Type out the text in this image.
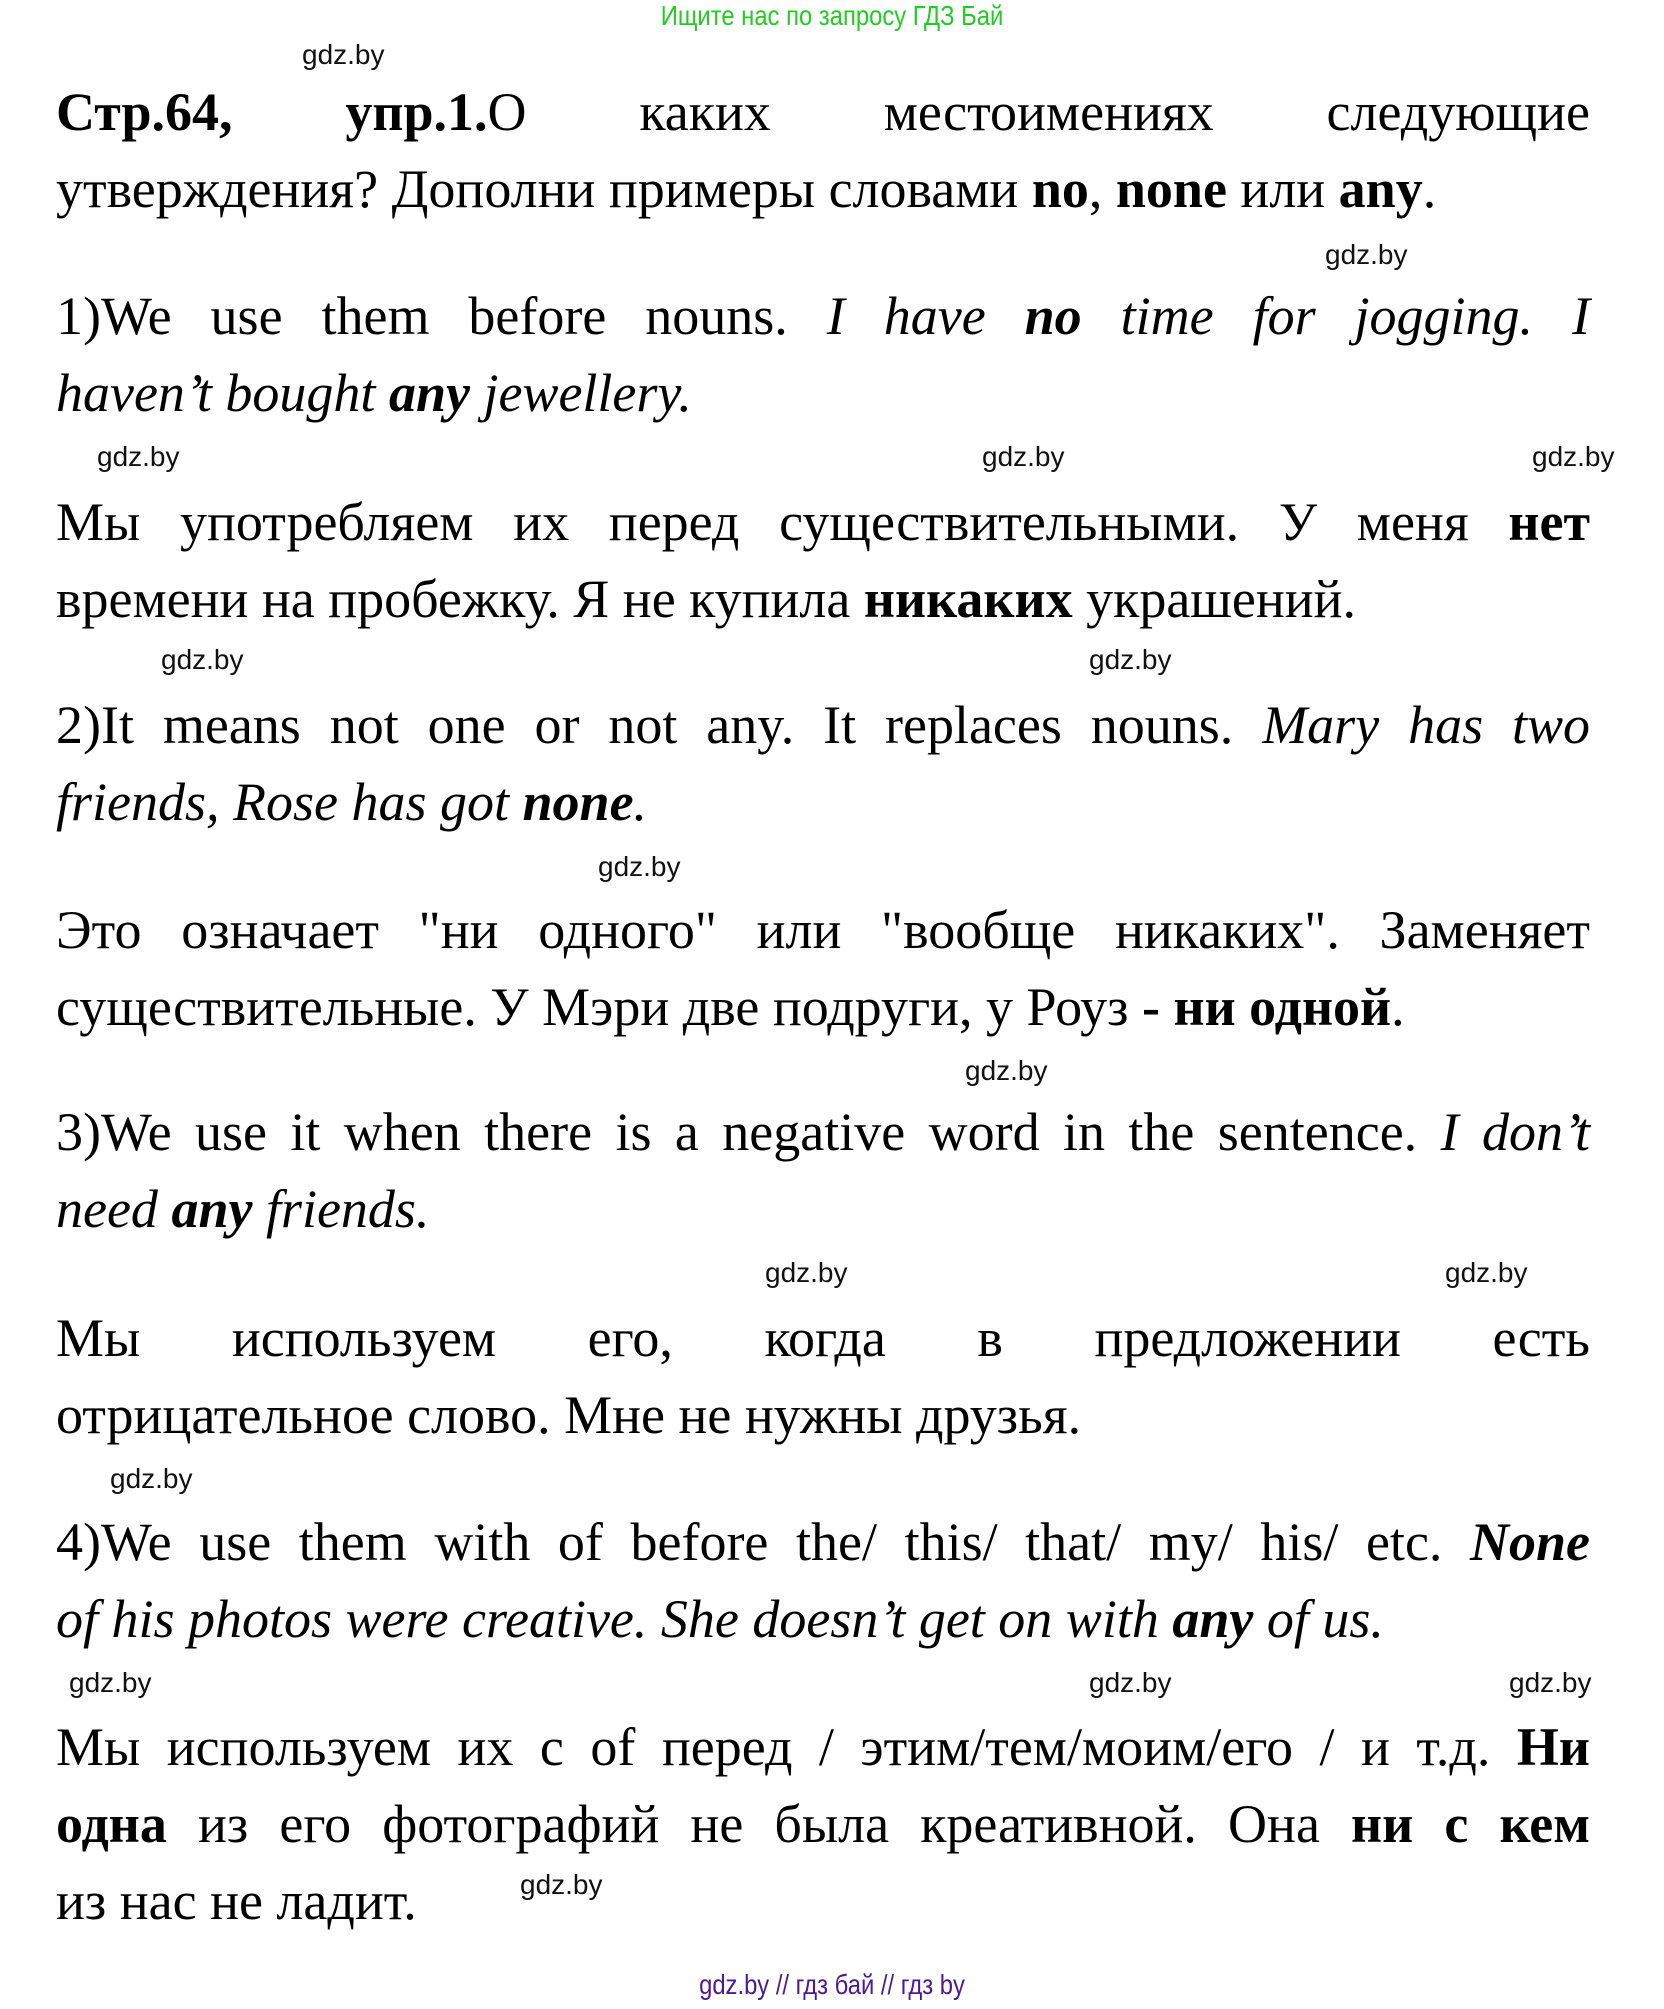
Ищите нас по запросу ГДЗ Бай
Стр.64, упр.1.О каких местоимениях следующие
утверждения? Дополни примеры словами no, none или any.
1)We use them before nouns. I have no time for jogging. I
haven’t bought any jewellery.
Мы употребляем их перед существительными. У меня нет
времени на пробежку. Я не купила никаких украшений.
2)It means not one or not any. It replaces nouns. Mary has two
friends, Rose has got none.
Это означает "ни одного" или "вообще никаких". Заменяет
существительные. У Мэри две подруги, у Роуз - ни одной.
3)We use it when there is a negative word in the sentence. I don’t
need any friends.
Мы используем его, когда в предложении есть
отрицательное слово. Мне не нужны друзья.
4)We use them with of before the/ this/ that/ my/ his/ etc. None
of his photos were creative. She doesn’t get on with any of us.
Мы используем их с of перед / этим/тем/моим/его / и т.д. Ни
одна из его фотографий не была креативной. Она ни с кем
из нас не ладит.
gdz.by
gdz.by
gdz.by
gdz.by	gdz.by
gdz.by	gdz.by
gdz.by
gdz.by
gdz.by
gdz.by
gdz.by
gdz.by
gdz.by	gdz.by
gdz.by
gdz.by // гдз бай // гдз by
